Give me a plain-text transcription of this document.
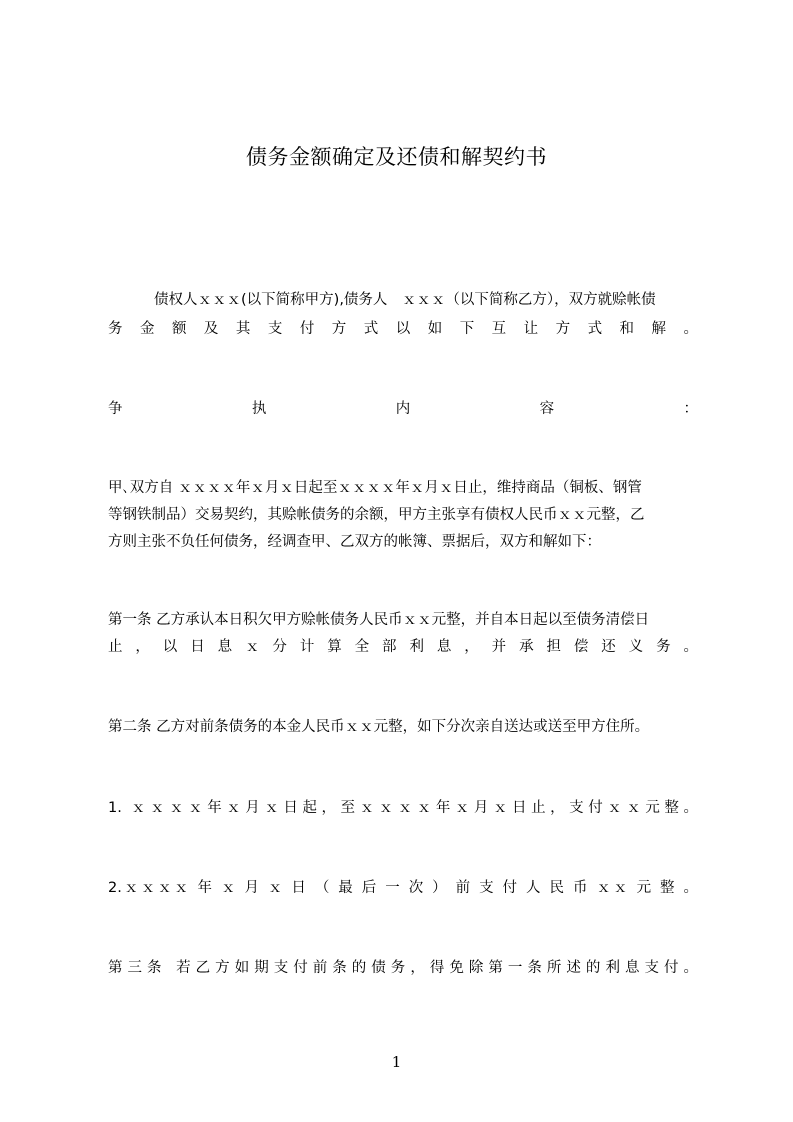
债务金额确定及还债和解契约书
债权人ｘｘｘ(以下简称甲方),债务人　ｘｘｘ（以下简称乙方），双方就赊帐债
务 金 额 及 其 支 付 方 式 以 如 下 互 让 方 式 和 解 。
争 执 内 容 ：
甲､双方自 ｘｘｘｘ年ｘ月ｘ日起至ｘｘｘｘ年ｘ月ｘ日止，维持商品（铜板、钢管
等钢铁制品）交易契约，其赊帐债务的余额，甲方主张享有债权人民币ｘｘ元整，乙
方则主张不负任何债务，经调查甲、乙双方的帐簿、票据后，双方和解如下：
第一条 乙方承认本日积欠甲方赊帐债务人民币ｘｘ元整，并自本日起以至债务清偿日
止 ， 以 日 息 ｘ 分 计 算 全 部 利 息 ， 并 承 担 偿 还 义 务 。
第二条 乙方对前条债务的本金人民币ｘｘ元整，如下分次亲自送达或送至甲方住所。
1. ｘｘｘｘ年ｘ月ｘ日起，至ｘｘｘｘ年ｘ月ｘ日止，支付ｘｘ元整。
2.ｘｘｘｘ 年 ｘ 月 ｘ 日 （ 最 后 一 次 ） 前 支 付 人 民 币 ｘｘ 元 整 。
第三条 若乙方如期支付前条的债务，得免除第一条所述的利息支付。
1
